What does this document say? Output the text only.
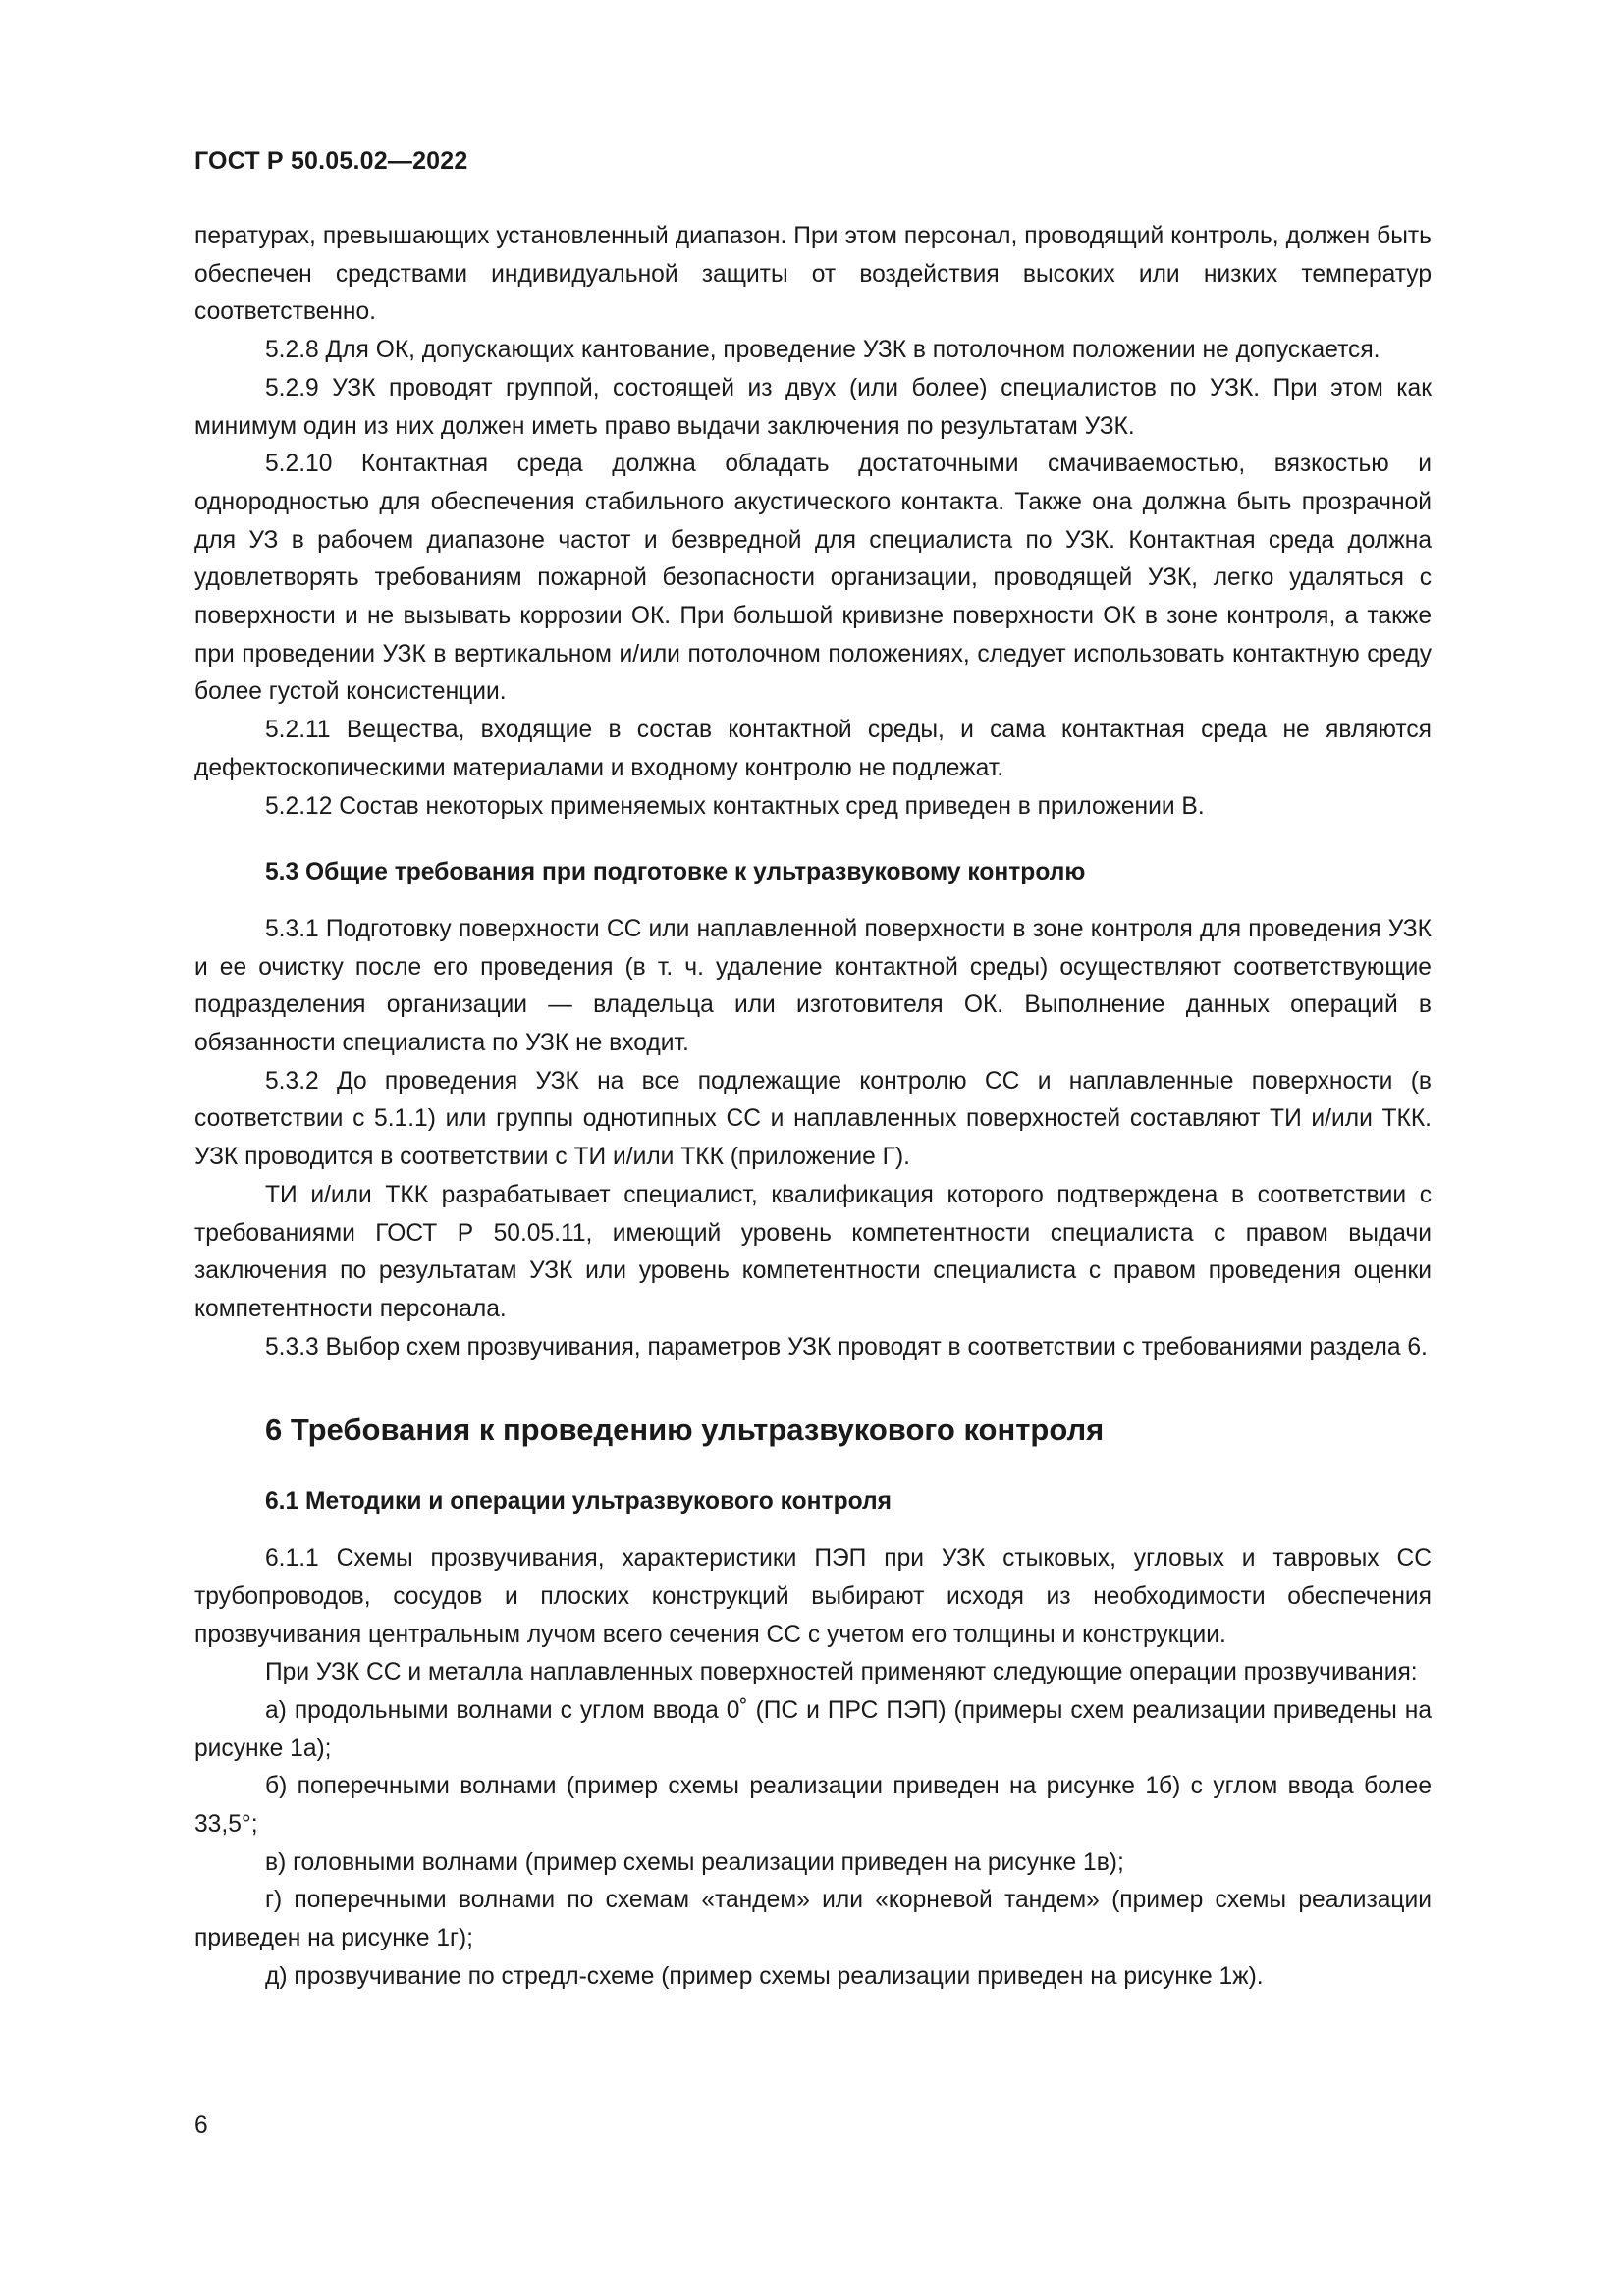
ГОСТ Р 50.05.02—2022

пературах, превышающих установленный диапазон. При этом персонал, проводящий контроль, должен быть обеспечен средствами индивидуальной защиты от воздействия высоких или низких температур соответственно.

5.2.8 Для ОК, допускающих кантование, проведение УЗК в потолочном положении не допускается.

5.2.9 УЗК проводят группой, состоящей из двух (или более) специалистов по УЗК. При этом как минимум один из них должен иметь право выдачи заключения по результатам УЗК.

5.2.10 Контактная среда должна обладать достаточными смачиваемостью, вязкостью и однородностью для обеспечения стабильного акустического контакта. Также она должна быть прозрачной для УЗ в рабочем диапазоне частот и безвредной для специалиста по УЗК. Контактная среда должна удовлетворять требованиям пожарной безопасности организации, проводящей УЗК, легко удаляться с поверхности и не вызывать коррозии ОК. При большой кривизне поверхности ОК в зоне контроля, а также при проведении УЗК в вертикальном и/или потолочном положениях, следует использовать контактную среду более густой консистенции.

5.2.11 Вещества, входящие в состав контактной среды, и сама контактная среда не являются дефектоскопическими материалами и входному контролю не подлежат.

5.2.12 Состав некоторых применяемых контактных сред приведен в приложении В.

5.3 Общие требования при подготовке к ультразвуковому контролю

5.3.1 Подготовку поверхности СС или наплавленной поверхности в зоне контроля для проведения УЗК и ее очистку после его проведения (в т. ч. удаление контактной среды) осуществляют соответствующие подразделения организации — владельца или изготовителя ОК. Выполнение данных операций в обязанности специалиста по УЗК не входит.

5.3.2 До проведения УЗК на все подлежащие контролю СС и наплавленные поверхности (в соответствии с 5.1.1) или группы однотипных СС и наплавленных поверхностей составляют ТИ и/или ТКК. УЗК проводится в соответствии с ТИ и/или ТКК (приложение Г).

ТИ и/или ТКК разрабатывает специалист, квалификация которого подтверждена в соответствии с требованиями ГОСТ Р 50.05.11, имеющий уровень компетентности специалиста с правом выдачи заключения по результатам УЗК или уровень компетентности специалиста с правом проведения оценки компетентности персонала.

5.3.3 Выбор схем прозвучивания, параметров УЗК проводят в соответствии с требованиями раздела 6.

6 Требования к проведению ультразвукового контроля
6.1 Методики и операции ультразвукового контроля

6.1.1 Схемы прозвучивания, характеристики ПЭП при УЗК стыковых, угловых и тавровых СС трубопроводов, сосудов и плоских конструкций выбирают исходя из необходимости обеспечения прозвучивания центральным лучом всего сечения СС с учетом его толщины и конструкции.

При УЗК СС и металла наплавленных поверхностей применяют следующие операции прозвучивания:

а) продольными волнами с углом ввода 0˚ (ПС и ПРС ПЭП) (примеры схем реализации приведены на рисунке 1а);

б) поперечными волнами (пример схемы реализации приведен на рисунке 1б) с углом ввода более 33,5°;

в) головными волнами (пример схемы реализации приведен на рисунке 1в);

г) поперечными волнами по схемам «тандем» или «корневой тандем» (пример схемы реализации приведен на рисунке 1г);

д) прозвучивание по стредл-схеме (пример схемы реализации приведен на рисунке 1ж).

6
